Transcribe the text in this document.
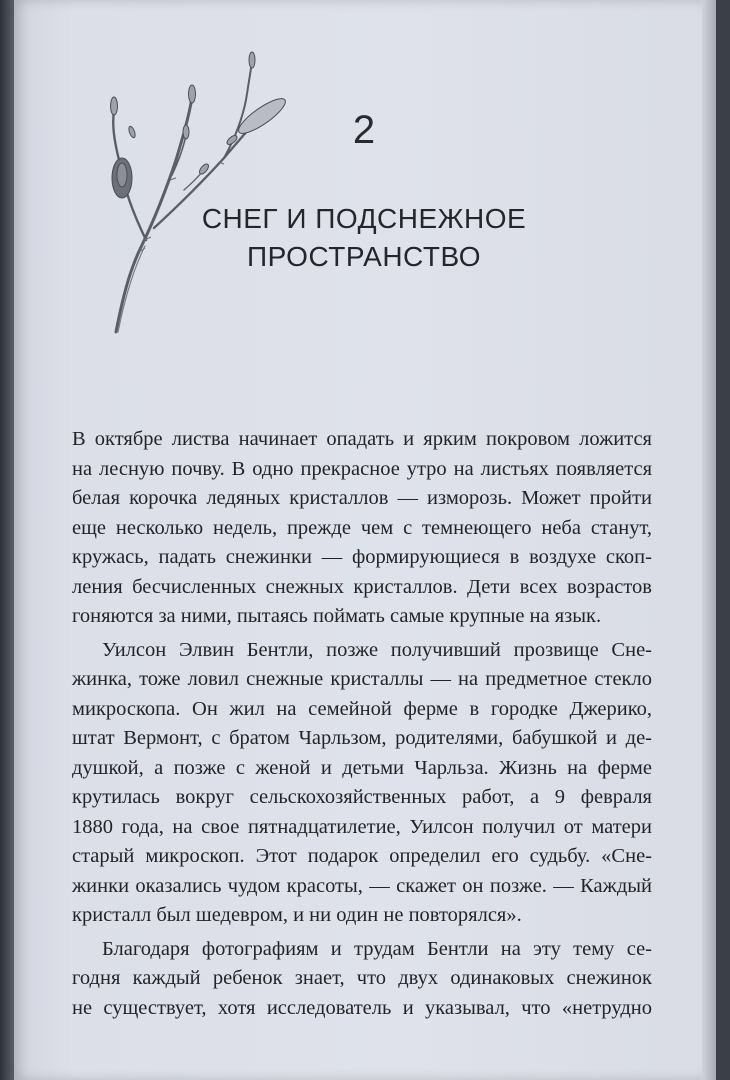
2
СНЕГ И ПОДСНЕЖНОЕ
ПРОСТРАНСТВО

В октябре листва начинает опадать и ярким покровом ложится
на лесную почву. В одно прекрасное утро на листьях появляется
белая корочка ледяных кристаллов — изморозь. Может пройти
еще несколько недель, прежде чем с темнеющего неба станут,
кружась, падать снежинки — формирующиеся в воздухе скоп-
ления бесчисленных снежных кристаллов. Дети всех возрастов
гоняются за ними, пытаясь поймать самые крупные на язык.

Уилсон Элвин Бентли, позже получивший прозвище Сне-
жинка, тоже ловил снежные кристаллы — на предметное стекло
микроскопа. Он жил на семейной ферме в городке Джерико,
штат Вермонт, с братом Чарльзом, родителями, бабушкой и де-
душкой, а позже с женой и детьми Чарльза. Жизнь на ферме
крутилась вокруг сельскохозяйственных работ, а 9 февраля
1880 года, на свое пятнадцатилетие, Уилсон получил от матери
старый микроскоп. Этот подарок определил его судьбу. «Сне-
жинки оказались чудом красоты, — скажет он позже. — Каждый
кристалл был шедевром, и ни один не повторялся».

Благодаря фотографиям и трудам Бентли на эту тему се-
годня каждый ребенок знает, что двух одинаковых снежинок
не существует, хотя исследователь и указывал, что «нетрудно
